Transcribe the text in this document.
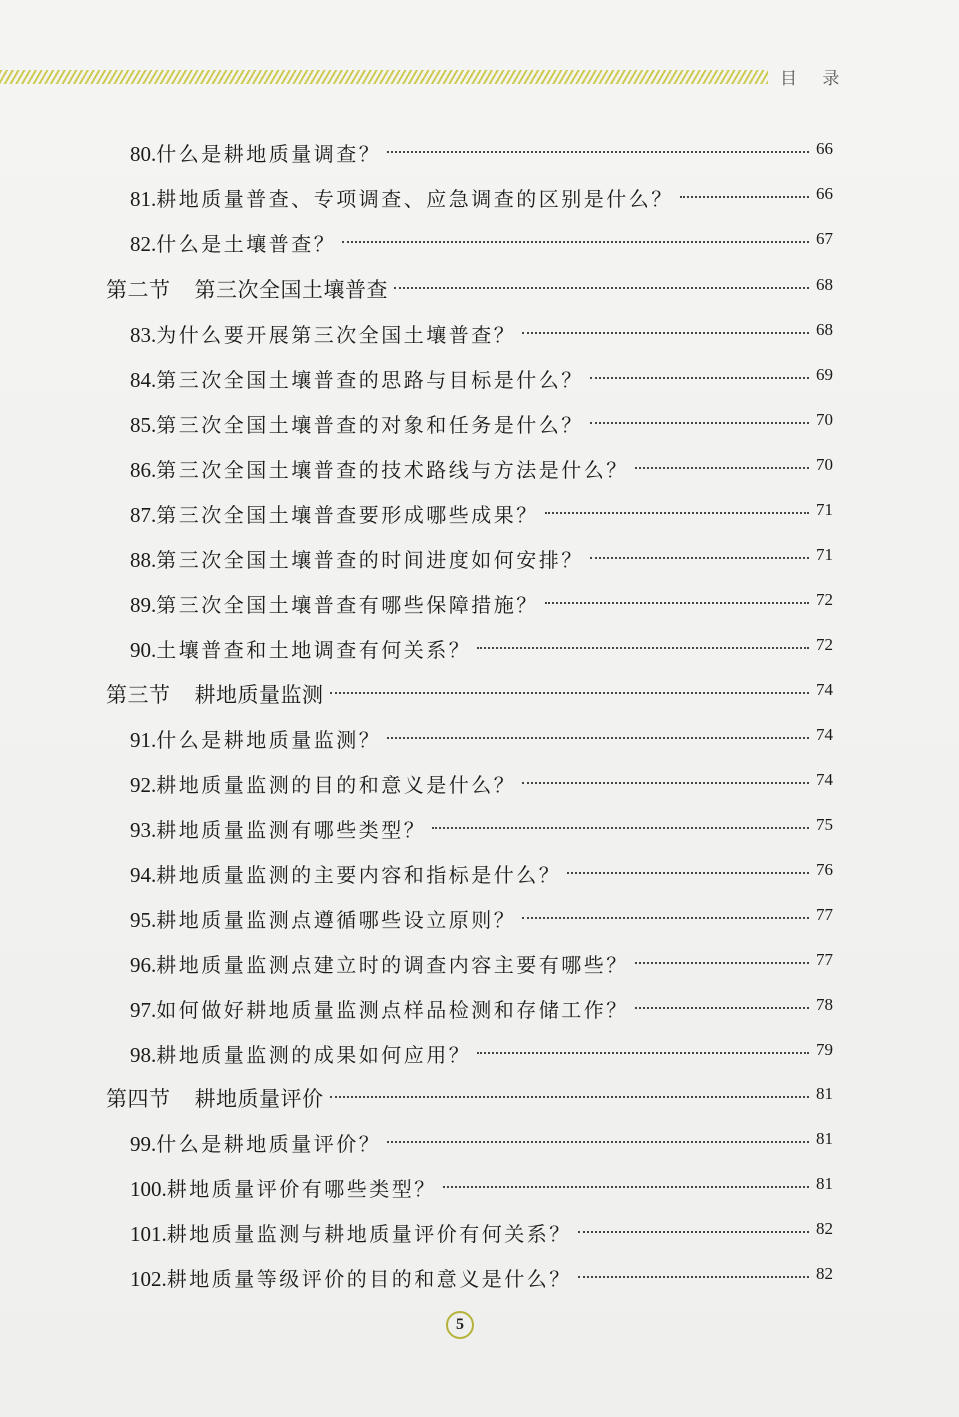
目 录
80.什么是耕地质量调查？	66
81.耕地质量普查、专项调查、应急调查的区别是什么？	66
82.什么是土壤普查？	67
第二节 第三次全国土壤普查	68
83.为什么要开展第三次全国土壤普查？	68
84.第三次全国土壤普查的思路与目标是什么？	69
85.第三次全国土壤普查的对象和任务是什么？	70
86.第三次全国土壤普查的技术路线与方法是什么？	70
87.第三次全国土壤普查要形成哪些成果？	71
88.第三次全国土壤普查的时间进度如何安排？	71
89.第三次全国土壤普查有哪些保障措施？	72
90.土壤普查和土地调查有何关系？	72
第三节 耕地质量监测	74
91.什么是耕地质量监测？	74
92.耕地质量监测的目的和意义是什么？	74
93.耕地质量监测有哪些类型？	75
94.耕地质量监测的主要内容和指标是什么？	76
95.耕地质量监测点遵循哪些设立原则？	77
96.耕地质量监测点建立时的调查内容主要有哪些？	77
97.如何做好耕地质量监测点样品检测和存储工作？	78
98.耕地质量监测的成果如何应用？	79
第四节 耕地质量评价	81
99.什么是耕地质量评价？	81
100.耕地质量评价有哪些类型？	81
101.耕地质量监测与耕地质量评价有何关系？	82
102.耕地质量等级评价的目的和意义是什么？	82
5
